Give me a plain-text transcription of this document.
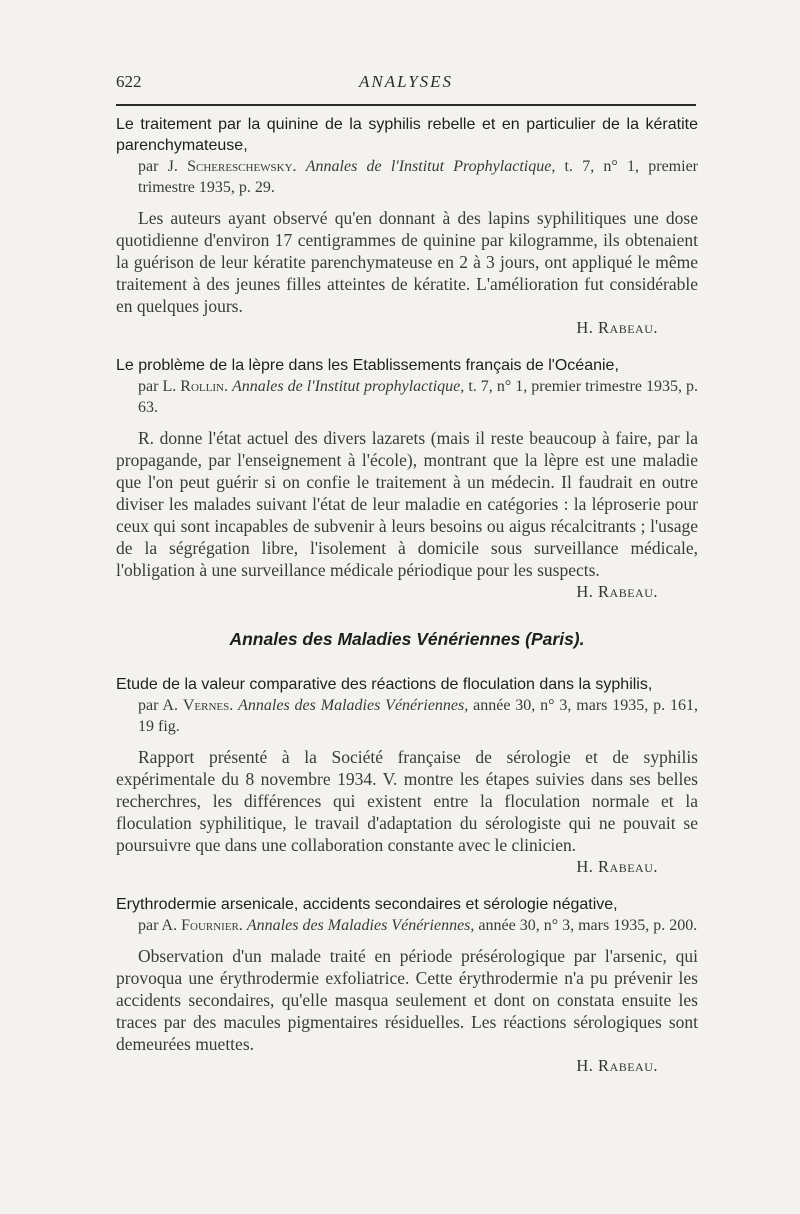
622	ANALYSES

Le traitement par la quinine de la syphilis rebelle et en particulier de la kératite parenchymateuse,

par J. Schereschewsky. Annales de l'Institut Prophylactique, t. 7, n° 1, premier trimestre 1935, p. 29.

Les auteurs ayant observé qu'en donnant à des lapins syphilitiques une dose quotidienne d'environ 17 centigrammes de quinine par kilogramme, ils obtenaient la guérison de leur kératite parenchymateuse en 2 à 3 jours, ont appliqué le même traitement à des jeunes filles atteintes de kératite. L'amélioration fut considérable en quelques jours.

H. Rabeau.

Le problème de la lèpre dans les Etablissements français de l'Océanie,

par L. Rollin. Annales de l'Institut prophylactique, t. 7, n° 1, premier trimestre 1935, p. 63.

R. donne l'état actuel des divers lazarets (mais il reste beaucoup à faire, par la propagande, par l'enseignement à l'école), montrant que la lèpre est une maladie que l'on peut guérir si on confie le traitement à un médecin. Il faudrait en outre diviser les malades suivant l'état de leur maladie en catégories : la léproserie pour ceux qui sont incapables de subvenir à leurs besoins ou aigus récalcitrants ; l'usage de la ségrégation libre, l'isolement à domicile sous surveillance médicale, l'obligation à une surveillance médicale périodique pour les suspects.

H. Rabeau.

Annales des Maladies Vénériennes (Paris).

Etude de la valeur comparative des réactions de floculation dans la syphilis,

par A. Vernes. Annales des Maladies Vénériennes, année 30, n° 3, mars 1935, p. 161, 19 fig.

Rapport présenté à la Société française de sérologie et de syphilis expérimentale du 8 novembre 1934. V. montre les étapes suivies dans ses belles recherchres, les différences qui existent entre la floculation normale et la floculation syphilitique, le travail d'adaptation du sérologiste qui ne pouvait se poursuivre que dans une collaboration constante avec le clinicien.

H. Rabeau.

Erythrodermie arsenicale, accidents secondaires et sérologie négative,

par A. Fournier. Annales des Maladies Vénériennes, année 30, n° 3, mars 1935, p. 200.

Observation d'un malade traité en période présérologique par l'arsenic, qui provoqua une érythrodermie exfoliatrice. Cette érythrodermie n'a pu prévenir les accidents secondaires, qu'elle masqua seulement et dont on constata ensuite les traces par des macules pigmentaires résiduelles. Les réactions sérologiques sont demeurées muettes.

H. Rabeau.
